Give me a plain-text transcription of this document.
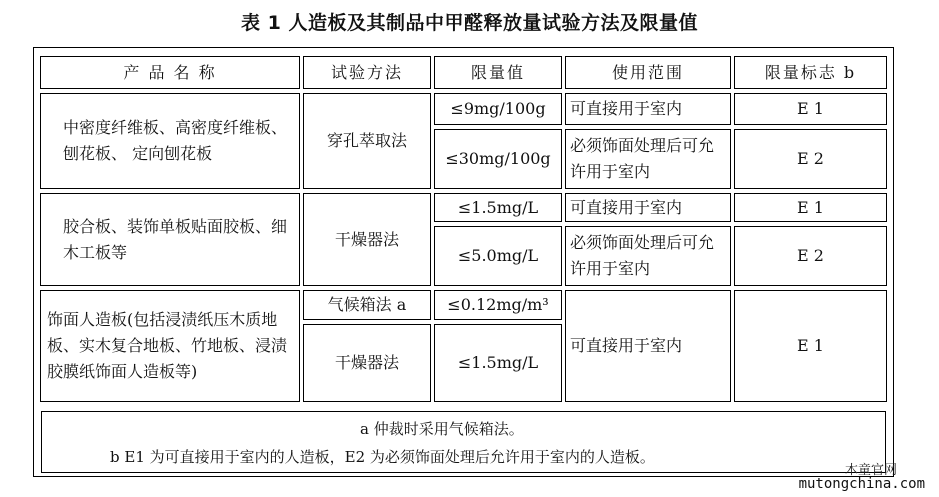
表 1 人造板及其制品中甲醛释放量试验方法及限量值
产 品 名 称	试验方法	限量值	使用范围	限量标志 b
中密度纤维板、高密度纤维板、刨花板、 定向刨花板	穿孔萃取法	≤9mg/100g	可直接用于室内	E 1
		≤30mg/100g	必须饰面处理后可允许用于室内	E 2
胶合板、装饰单板贴面胶板、细木工板等	干燥器法	≤1.5mg/L	可直接用于室内	E 1
		≤5.0mg/L	必须饰面处理后可允许用于室内	E 2
饰面人造板(包括浸渍纸压木质地板、实木复合地板、竹地板、浸渍胶膜纸饰面人造板等)	气候箱法 a	≤0.12mg/m³	可直接用于室内	E 1
	干燥器法	≤1.5mg/L		
a 仲裁时采用气候箱法。
b E1 为可直接用于室内的人造板，E2 为必须饰面处理后允许用于室内的人造板。
木童官网
mutongchina.com
